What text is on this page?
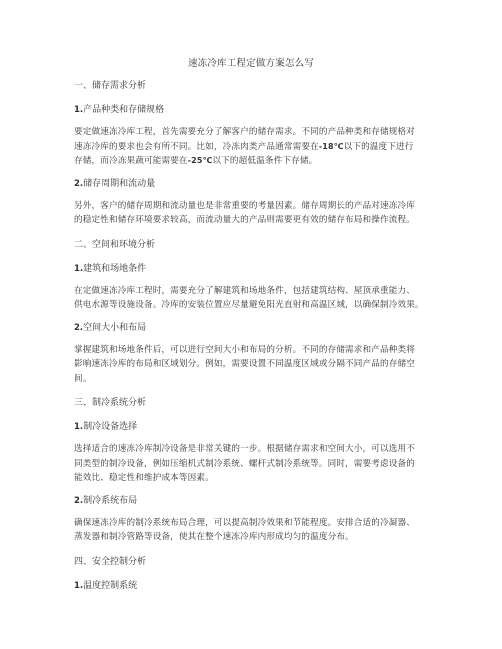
速冻冷库工程定做方案怎么写

一、储存需求分析

1.产品种类和存储规格

要定做速冻冷库工程，首先需要充分了解客户的储存需求。不同的产品种类和存储规格对
速冻冷库的要求也会有所不同。比如，冷冻肉类产品通常需要在-18℃以下的温度下进行
存储，而冷冻果蔬可能需要在-25℃以下的超低温条件下存储。

2.储存周期和流动量

另外，客户的储存周期和流动量也是非常重要的考量因素。储存周期长的产品对速冻冷库
的稳定性和储存环境要求较高，而流动量大的产品则需要更有效的储存布局和操作流程。

二、空间和环境分析

1.建筑和场地条件

在定做速冻冷库工程时，需要充分了解建筑和场地条件，包括建筑结构、屋顶承重能力、
供电水源等设施设备。冷库的安装位置应尽量避免阳光直射和高温区域，以确保制冷效果。

2.空间大小和布局

掌握建筑和场地条件后，可以进行空间大小和布局的分析。不同的存储需求和产品种类将
影响速冻冷库的布局和区域划分。例如，需要设置不同温度区域或分隔不同产品的存储空
间。

三、制冷系统分析

1.制冷设备选择

选择适合的速冻冷库制冷设备是非常关键的一步。根据储存需求和空间大小，可以选用不
同类型的制冷设备，例如压缩机式制冷系统、螺杆式制冷系统等。同时，需要考虑设备的
能效比、稳定性和维护成本等因素。

2.制冷系统布局

确保速冻冷库的制冷系统布局合理，可以提高制冷效果和节能程度。安排合适的冷凝器、
蒸发器和制冷管路等设备，使其在整个速冻冷库内形成均匀的温度分布。

四、安全控制分析

1.温度控制系统
